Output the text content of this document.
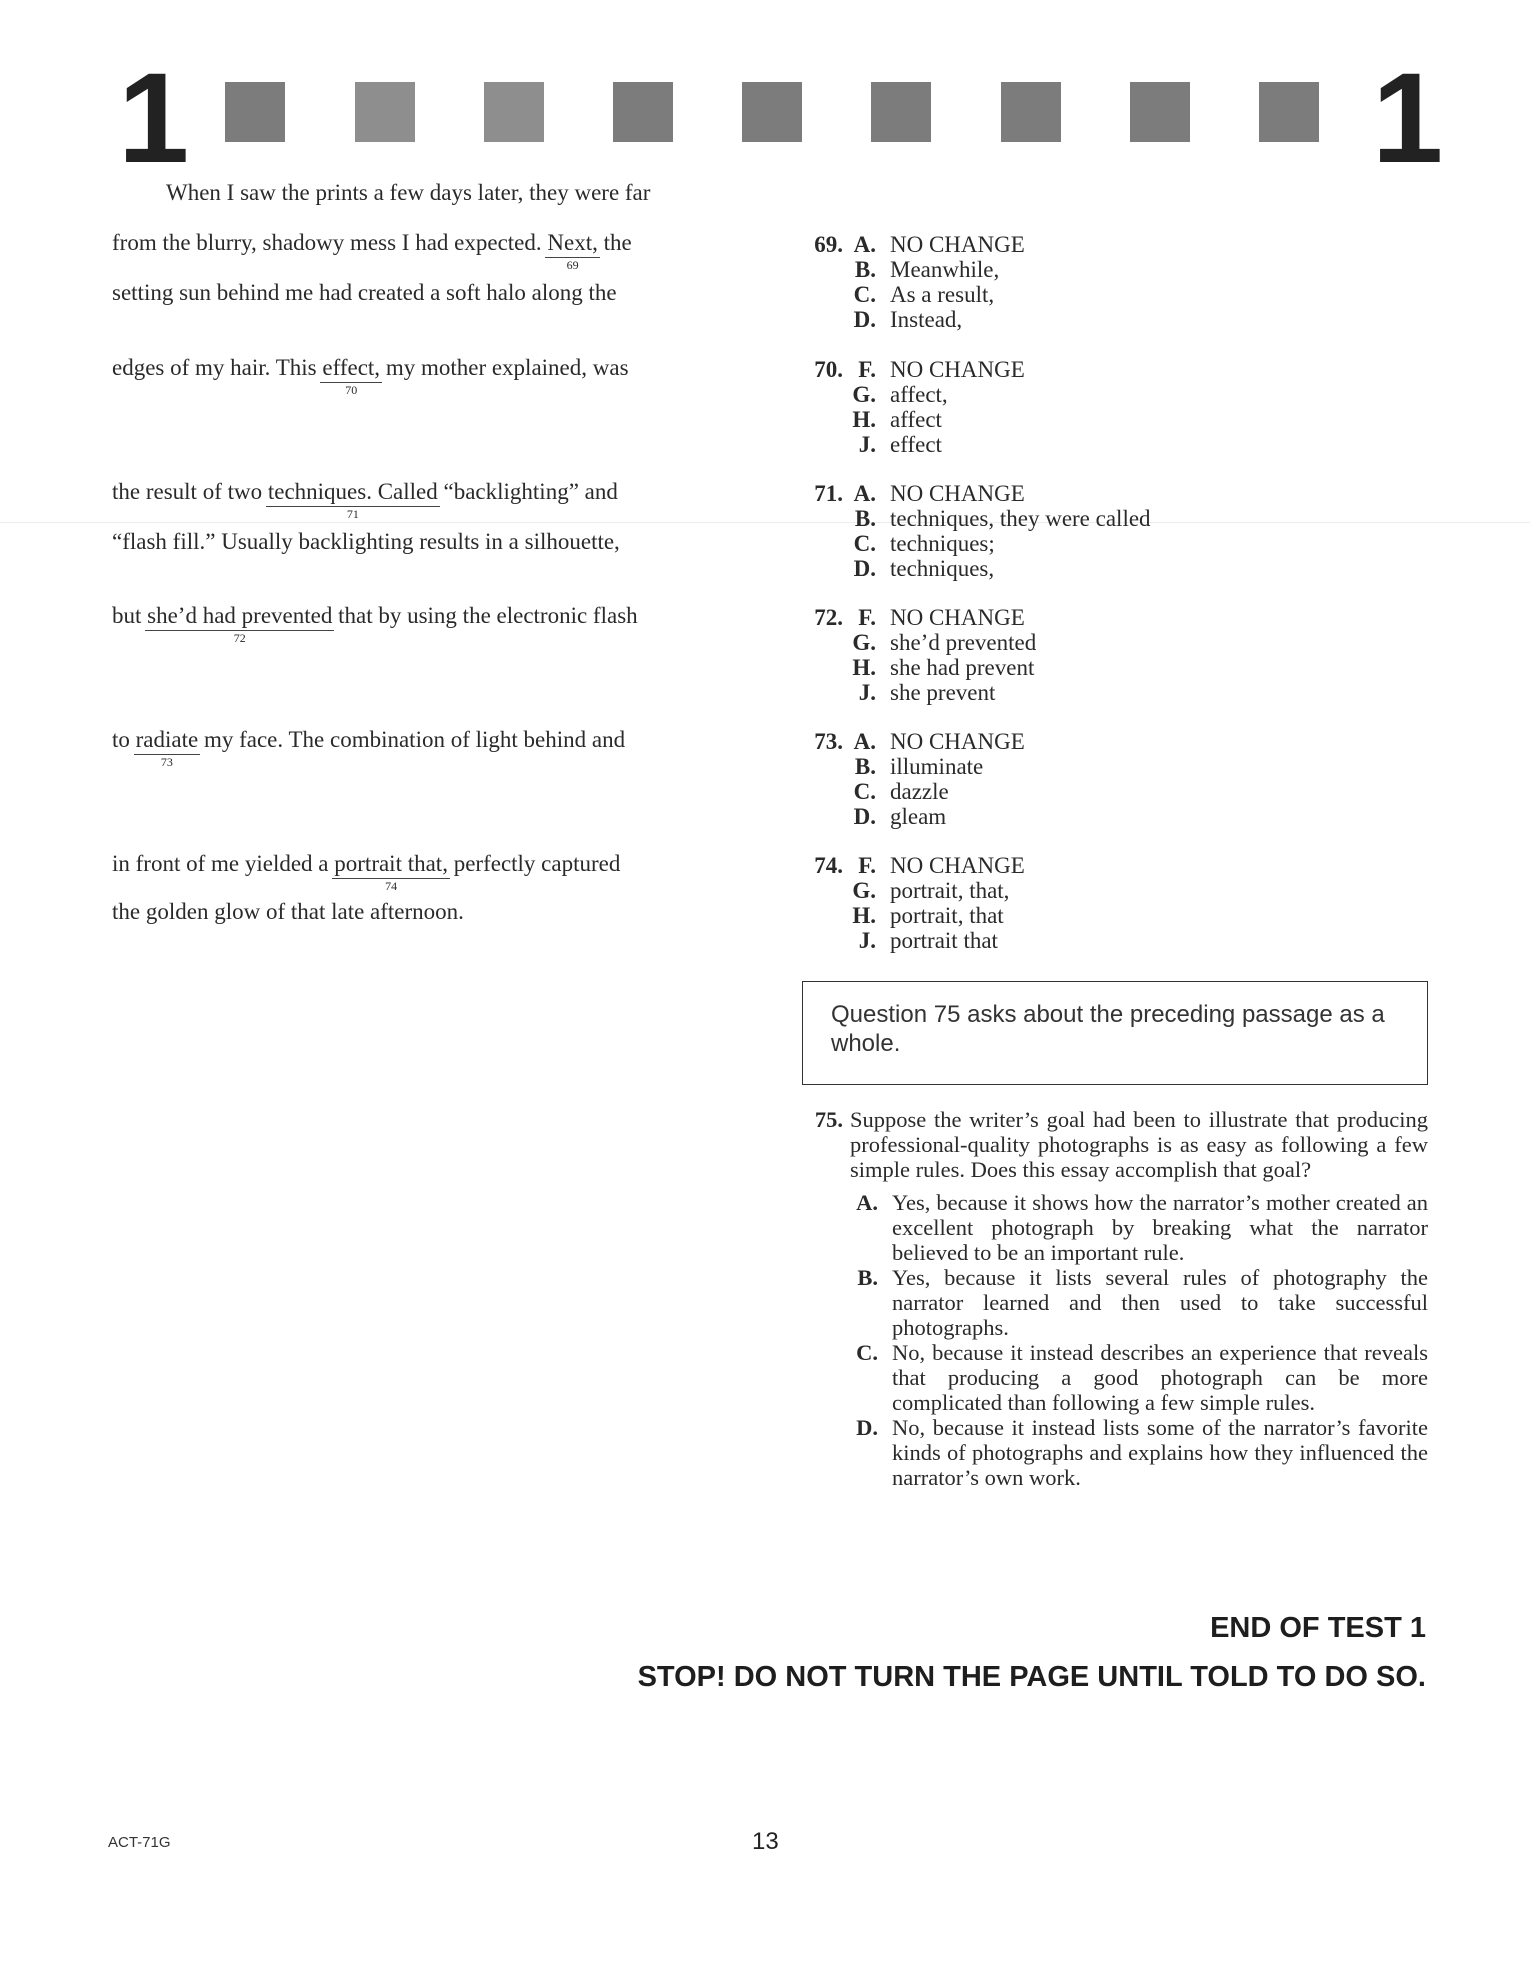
1	1
When I saw the prints a few days later, they were far
from the blurry, shadowy mess I had expected. Next,
69
the
setting sun behind me had created a soft halo along the
edges of my hair. This effect,
70
my mother explained, was
the result of two techniques. Called
71
“backlighting” and
“flash fill.” Usually backlighting results in a silhouette,
but she’d had prevented
72
that by using the electronic flash
to radiate
73
my face. The combination of light behind and
in front of me yielded a portrait that,
74
perfectly captured
the golden glow of that late afternoon.
69. A. NO CHANGE
B. Meanwhile,
C. As a result,
D. Instead,
70. F. NO CHANGE
G. affect,
H. affect
J. effect
71. A. NO CHANGE
B. techniques, they were called
C. techniques;
D. techniques,
72. F. NO CHANGE
G. she’d prevented
H. she had prevent
J. she prevent
73. A. NO CHANGE
B. illuminate
C. dazzle
D. gleam
74. F. NO CHANGE
G. portrait, that,
H. portrait, that
J. portrait that
Question 75 asks about the preceding passage as a whole.
75. Suppose the writer’s goal had been to illustrate that producing professional-quality photographs is as easy as following a few simple rules. Does this essay accomplish that goal?
A. Yes, because it shows how the narrator’s mother created an excellent photograph by breaking what the narrator believed to be an important rule.
B. Yes, because it lists several rules of photography the narrator learned and then used to take successful photographs.
C. No, because it instead describes an experience that reveals that producing a good photograph can be more complicated than following a few simple rules.
D. No, because it instead lists some of the narrator’s favorite kinds of photographs and explains how they influenced the narrator’s own work.
END OF TEST 1
STOP! DO NOT TURN THE PAGE UNTIL TOLD TO DO SO.
ACT-71G	13
